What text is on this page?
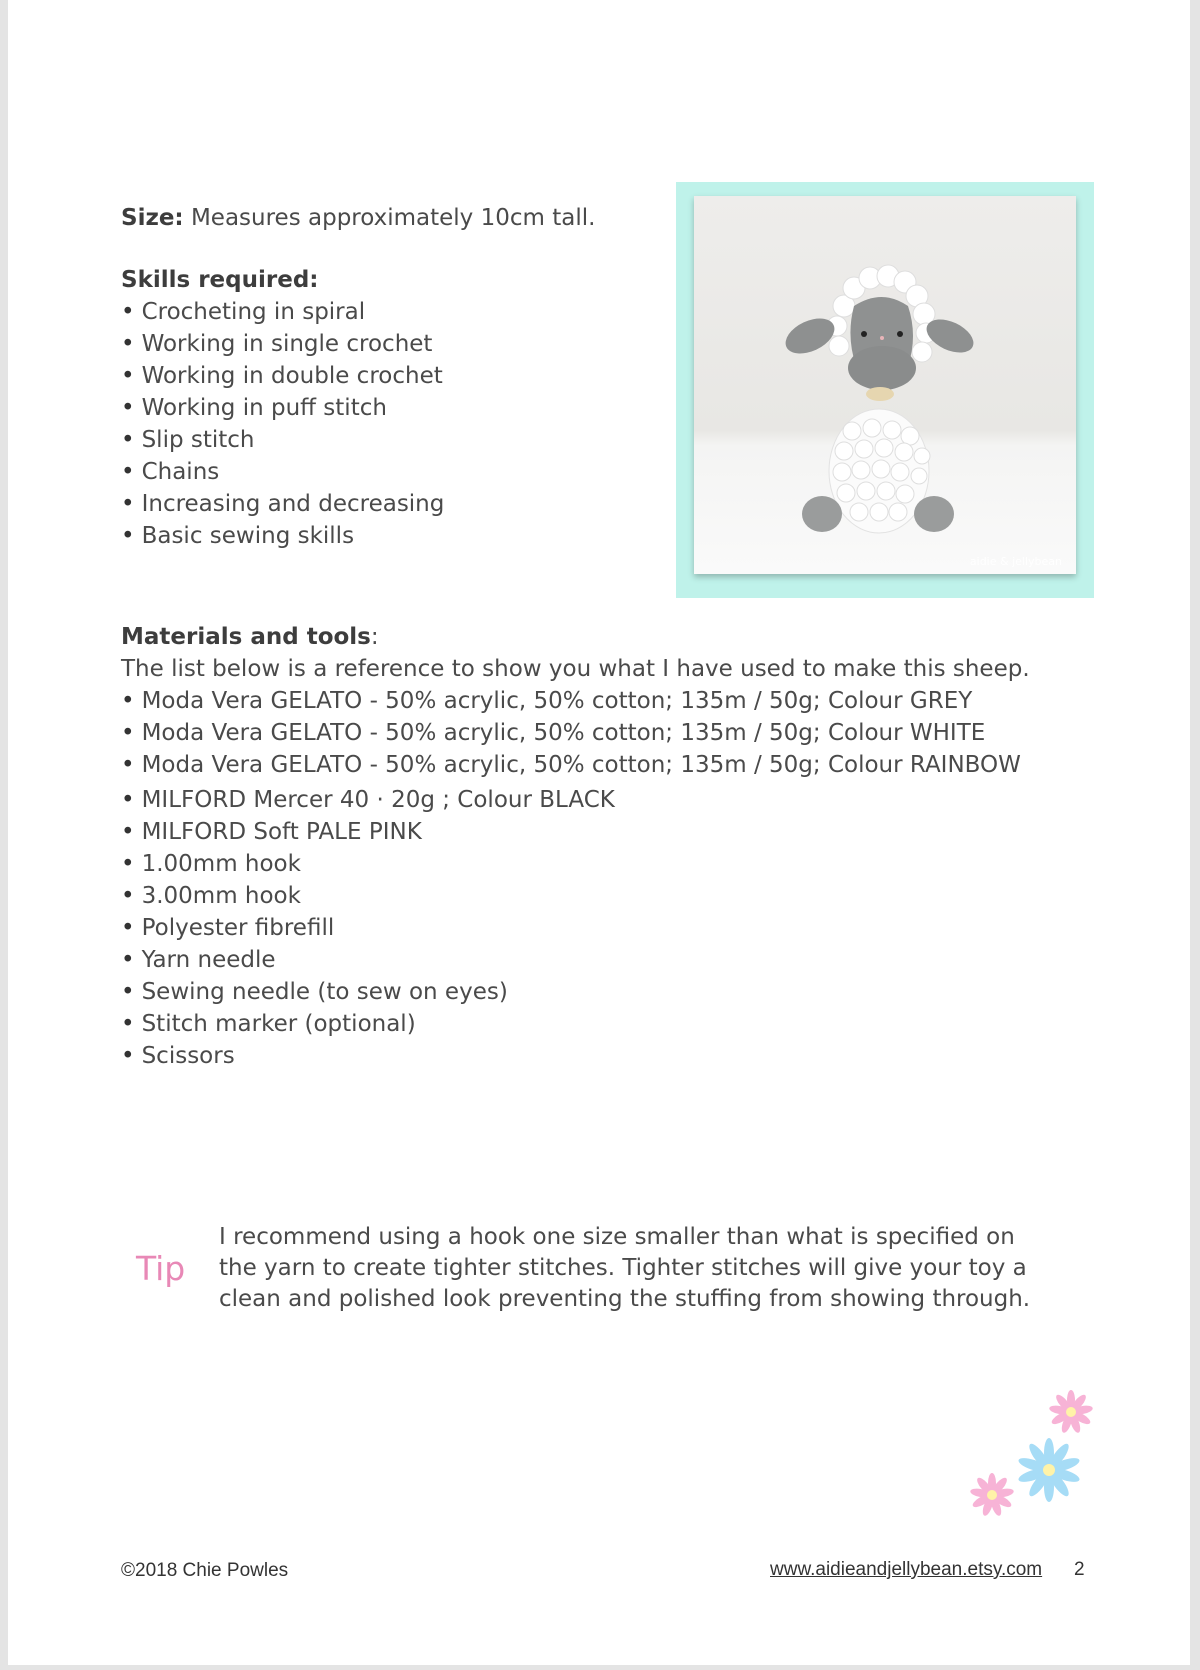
Size: Measures approximately 10cm tall.
Skills required:
• Crocheting in spiral
• Working in single crochet
• Working in double crochet
• Working in puff stitch
• Slip stitch
• Chains
• Increasing and decreasing
• Basic sewing skills
aidie & jellybean
Materials and tools:
The list below is a reference to show you what I have used to make this sheep.
• Moda Vera GELATO - 50% acrylic, 50% cotton; 135m / 50g; Colour GREY
• Moda Vera GELATO - 50% acrylic, 50% cotton; 135m / 50g; Colour WHITE
• Moda Vera GELATO - 50% acrylic, 50% cotton; 135m / 50g; Colour RAINBOW
• MILFORD Mercer 40 · 20g ; Colour BLACK
• MILFORD Soft PALE PINK
• 1.00mm hook
• 3.00mm hook
• Polyester fibrefill
• Yarn needle
• Sewing needle (to sew on eyes)
• Stitch marker (optional)
• Scissors
Tip
I recommend using a hook one size smaller than what is specified on the yarn to create tighter stitches. Tighter stitches will give your toy a clean and polished look preventing the stuffing from showing through.
©2018 Chie Powles	www.aidieandjellybean.etsy.com 2
